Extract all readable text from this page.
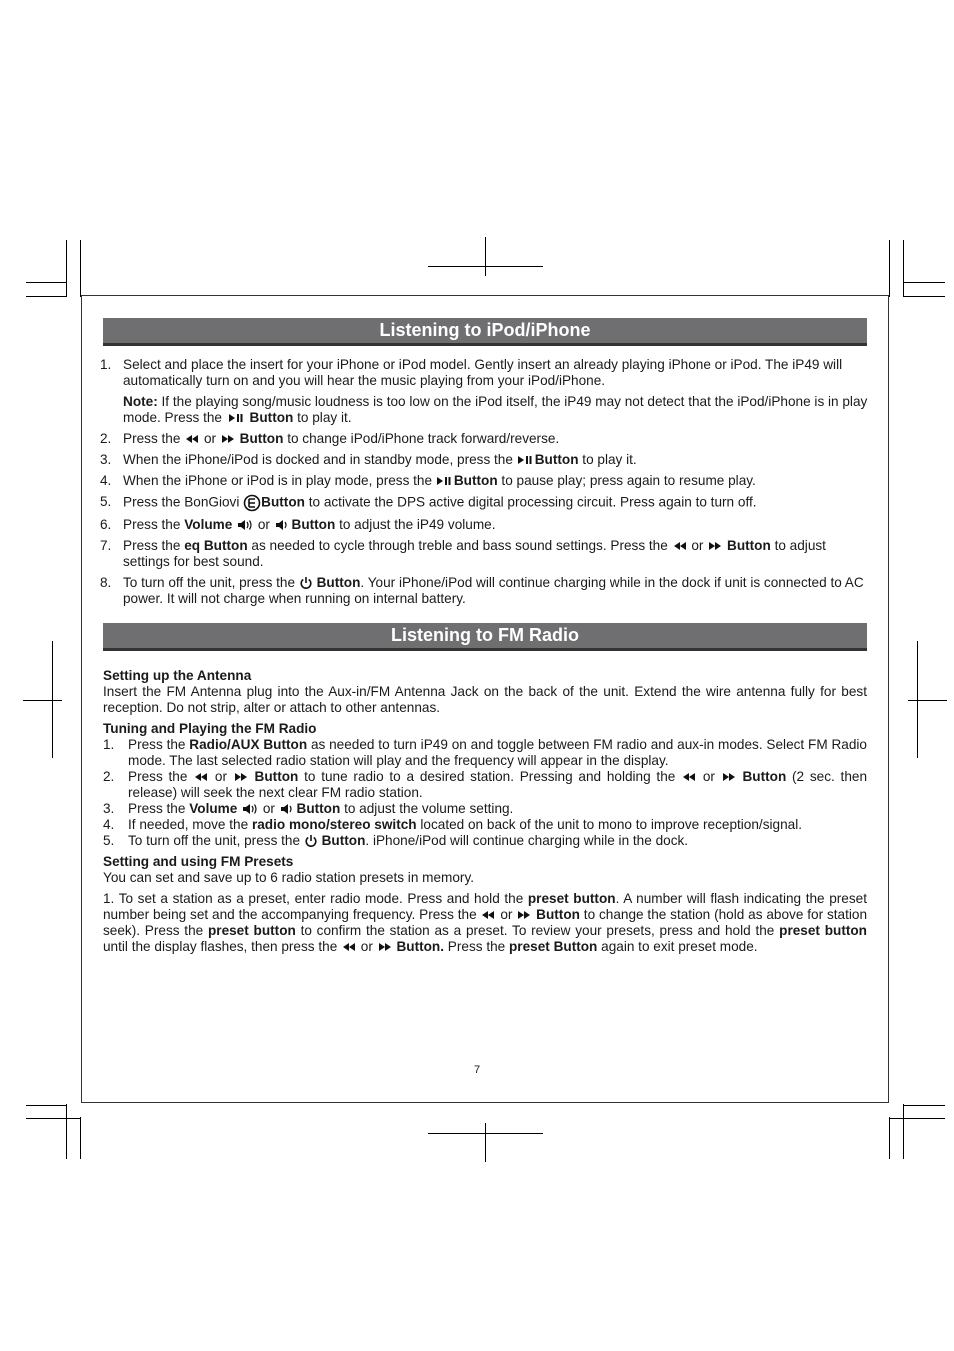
Listening to iPod/iPhone
1. Select and place the insert for your iPhone or iPod model. Gently insert an already playing iPhone or iPod. The iP49 will automatically turn on and you will hear the music playing from your iPod/iPhone.
Note: If the playing song/music loudness is too low on the iPod itself, the iP49 may not detect that the iPod/iPhone is in play mode. Press the
Button to play it.
2. Press the
or
Button to change iPod/iPhone track forward/reverse.
3. When the iPhone/iPod is docked and in standby mode, press the
Button to play it.
4. When the iPhone or iPod is in play mode, press the
Button to pause play; press again to resume play.
5. Press the BonGiovi
Button to activate the DPS active digital processing circuit. Press again to turn off.
6. Press the Volume
or
Button to adjust the iP49 volume.
7. Press the eq Button as needed to cycle through treble and bass sound settings. Press the
or
Button to adjust settings for best sound.
8. To turn off the unit, press the
Button. Your iPhone/iPod will continue charging while in the dock if unit is connected to AC power. It will not charge when running on internal battery.
Listening to FM Radio
Setting up the Antenna
Insert the FM Antenna plug into the Aux-in/FM Antenna Jack on the back of the unit. Extend the wire antenna fully for best reception. Do not strip, alter or attach to other antennas.
Tuning and Playing the FM Radio
1.	Press the Radio/AUX Button as needed to turn iP49 on and toggle between FM radio and aux-in modes. Select FM Radio mode. The last selected radio station will play and the frequency will appear in the display.
2.	Press the
or
Button to tune radio to a desired station. Pressing and holding the
or
Button (2 sec. then release) will seek the next clear FM radio station.
3.	Press the Volume
or
Button to adjust the volume setting.
4.	If needed, move the radio mono/stereo switch located on back of the unit to mono to improve reception/signal.
5.	To turn off the unit, press the
Button. iPhone/iPod will continue charging while in the dock.
Setting and using FM Presets
You can set and save up to 6 radio station presets in memory.
1. To set a station as a preset, enter radio mode. Press and hold the preset button. A number will flash indicating the preset number being set and the accompanying frequency. Press the
or
Button to change the station (hold as above for station seek). Press the preset button to confirm the station as a preset. To review your presets, press and hold the preset button until the display flashes, then press the
or
Button. Press the preset Button again to exit preset mode.
7
